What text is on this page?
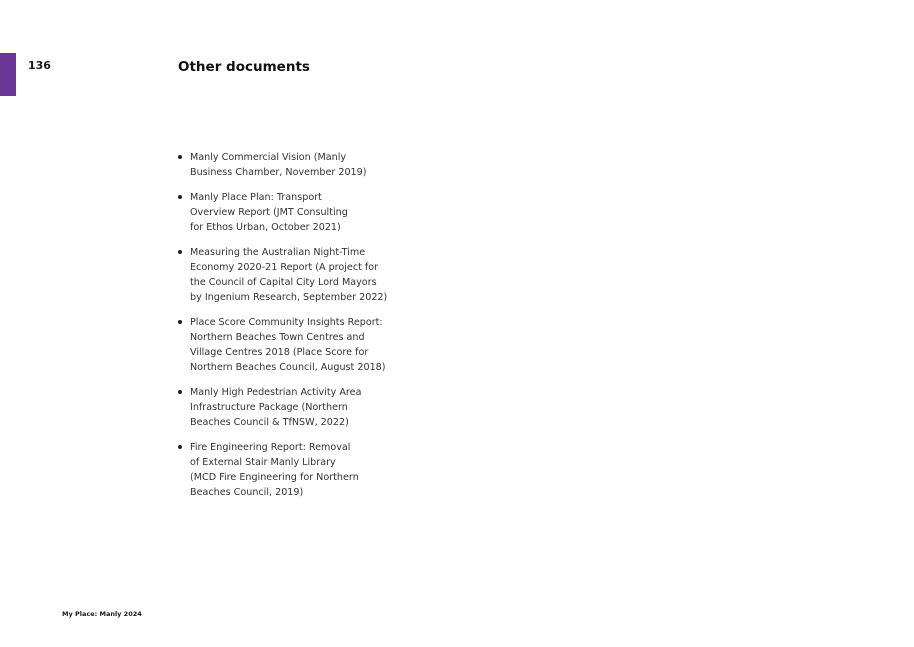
136	Other documents
Manly Commercial Vision (Manly
Business Chamber, November 2019)
Manly Place Plan: Transport
Overview Report (JMT Consulting
for Ethos Urban, October 2021)
Measuring the Australian Night-Time
Economy 2020-21 Report (A project for
the Council of Capital City Lord Mayors
by Ingenium Research, September 2022)
Place Score Community Insights Report:
Northern Beaches Town Centres and
Village Centres 2018 (Place Score for
Northern Beaches Council, August 2018)
Manly High Pedestrian Activity Area
Infrastructure Package (Northern
Beaches Council & TfNSW, 2022)
Fire Engineering Report: Removal
of External Stair Manly Library
(MCD Fire Engineering for Northern
Beaches Council, 2019)
My Place: Manly 2024
